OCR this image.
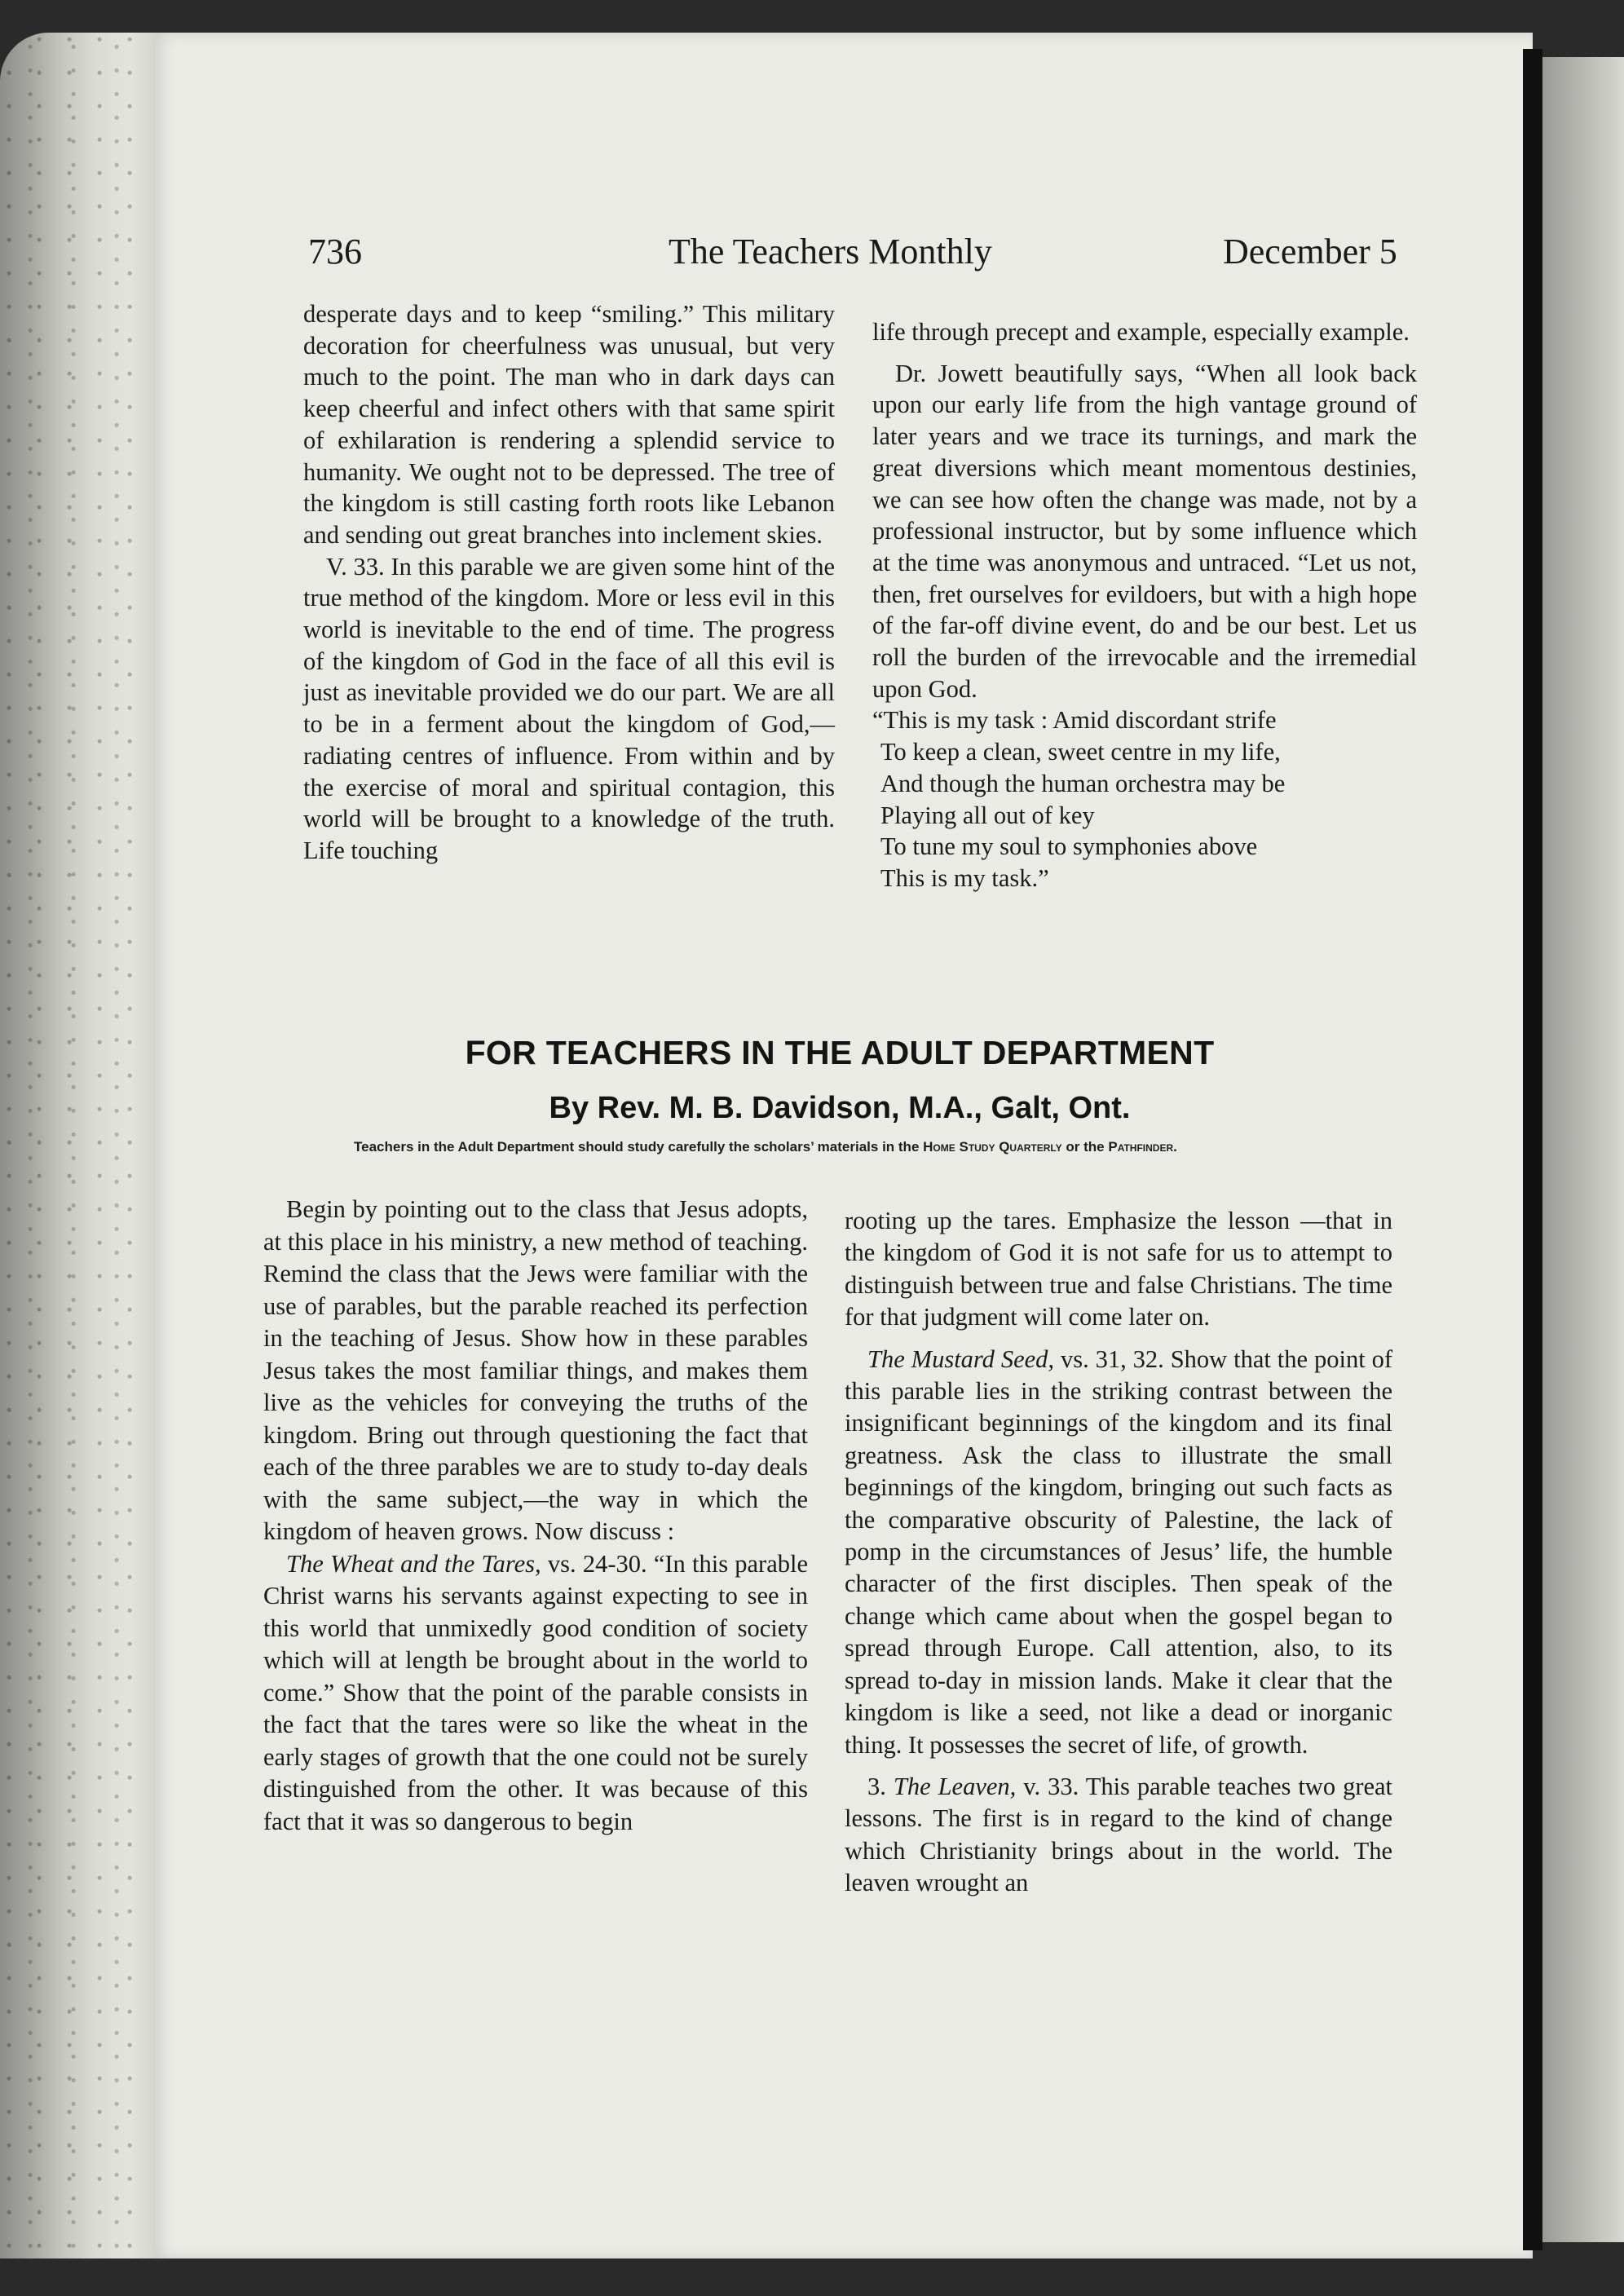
736	The Teachers Monthly	December 5

desperate days and to keep “smiling.” This military decoration for cheerfulness was unusual, but very much to the point. The man who in dark days can keep cheerful and infect others with that same spirit of exhilaration is rendering a splendid service to humanity. We ought not to be depressed. The tree of the kingdom is still casting forth roots like Lebanon and sending out great branches into inclement skies.

V. 33. In this parable we are given some hint of the true method of the kingdom. More or less evil in this world is inevitable to the end of time. The progress of the kingdom of God in the face of all this evil is just as inevitable provided we do our part. We are all to be in a ferment about the kingdom of God,—radiating centres of influence. From within and by the exercise of moral and spiritual contagion, this world will be brought to a knowledge of the truth. Life touching

life through precept and example, especially example.

Dr. Jowett beautifully says, “When all look back upon our early life from the high vantage ground of later years and we trace its turnings, and mark the great diversions which meant momentous destinies, we can see how often the change was made, not by a professional instructor, but by some influence which at the time was anonymous and untraced. “Let us not, then, fret ourselves for evildoers, but with a high hope of the far-off divine event, do and be our best. Let us roll the burden of the irrevocable and the irremedial upon God.

“This is my task : Amid discordant strife
To keep a clean, sweet centre in my life,
And though the human orchestra may be
Playing all out of key
To tune my soul to symphonies above
This is my task.”
FOR TEACHERS IN THE ADULT DEPARTMENT
By Rev. M. B. Davidson, M.A., Galt, Ont.
Teachers in the Adult Department should study carefully the scholars’ materials in the Home Study Quarterly or the Pathfinder.

Begin by pointing out to the class that Jesus adopts, at this place in his ministry, a new method of teaching. Remind the class that the Jews were familiar with the use of parables, but the parable reached its perfection in the teaching of Jesus. Show how in these parables Jesus takes the most familiar things, and makes them live as the vehicles for conveying the truths of the kingdom. Bring out through questioning the fact that each of the three parables we are to study to-day deals with the same subject,—the way in which the kingdom of heaven grows. Now discuss :

The Wheat and the Tares, vs. 24-30. “In this parable Christ warns his servants against expecting to see in this world that unmixedly good condition of society which will at length be brought about in the world to come.” Show that the point of the parable consists in the fact that the tares were so like the wheat in the early stages of growth that the one could not be surely distinguished from the other. It was because of this fact that it was so dangerous to begin

rooting up the tares. Emphasize the lesson —that in the kingdom of God it is not safe for us to attempt to distinguish between true and false Christians. The time for that judgment will come later on.

The Mustard Seed, vs. 31, 32. Show that the point of this parable lies in the striking contrast between the insignificant beginnings of the kingdom and its final greatness. Ask the class to illustrate the small beginnings of the kingdom, bringing out such facts as the comparative obscurity of Palestine, the lack of pomp in the circumstances of Jesus’ life, the humble character of the first disciples. Then speak of the change which came about when the gospel began to spread through Europe. Call attention, also, to its spread to-day in mission lands. Make it clear that the kingdom is like a seed, not like a dead or inorganic thing. It possesses the secret of life, of growth.

3. The Leaven, v. 33. This parable teaches two great lessons. The first is in regard to the kind of change which Christianity brings about in the world. The leaven wrought an
